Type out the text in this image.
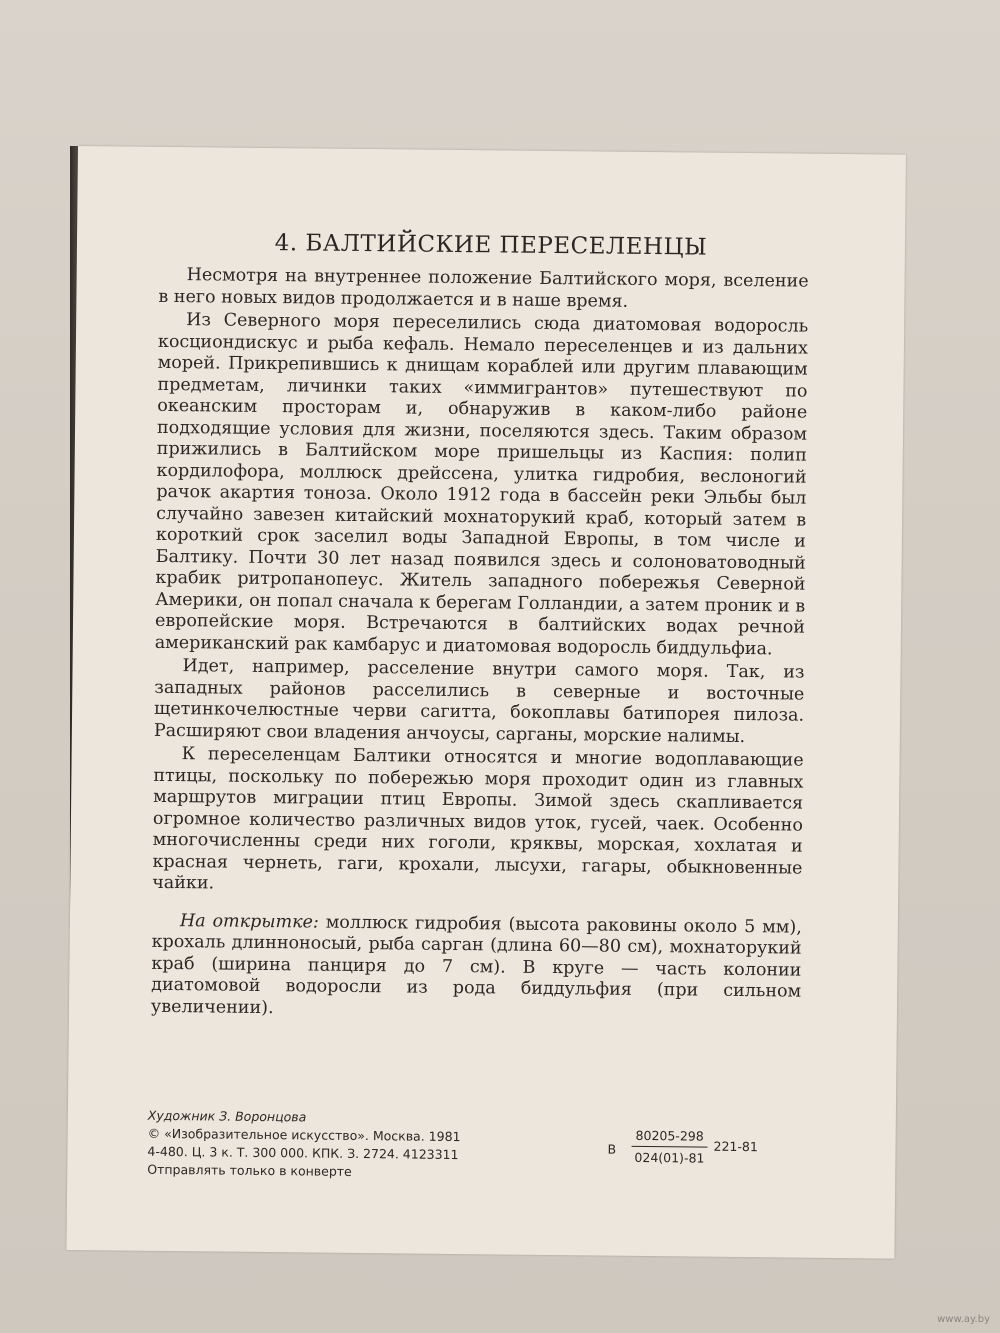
4. БАЛТИЙСКИЕ ПЕРЕСЕЛЕНЦЫ

Несмотря на внутреннее положение Балтийского моря, вселение в него новых видов продолжается и в наше время.

Из Северного моря переселились сюда диатомовая водоросль косциондискус и рыба кефаль. Немало переселенцев и из дальних морей. Прикрепившись к днищам кораблей или другим плавающим предметам, личинки таких «иммигрантов» путешествуют по океанским просторам и, обнаружив в каком-либо районе подходящие условия для жизни, поселяются здесь. Таким образом прижились в Балтийском море пришельцы из Каспия: полип кордилофора, моллюск дрейссена, улитка гидробия, веслоногий рачок акартия тоноза. Около 1912 года в бассейн реки Эльбы был случайно завезен китайский мохнаторукий краб, который затем в короткий срок заселил воды Западной Европы, в том числе и Балтику. Почти 30 лет назад появился здесь и солоноватоводный крабик ритропанопеус. Житель западного побережья Северной Америки, он попал сначала к берегам Голландии, а затем проник и в европейские моря. Встречаются в балтийских водах речной американский рак камбарус и диатомовая водоросль биддульфиа.

Идет, например, расселение внутри самого моря. Так, из западных районов расселились в северные и восточные щетинкочелюстные черви сагитта, бокоплавы батипорея пилоза. Расширяют свои владения анчоусы, сарганы, морские налимы.

К переселенцам Балтики относятся и многие водоплавающие птицы, поскольку по побережью моря проходит один из главных маршрутов миграции птиц Европы. Зимой здесь скапливается огромное количество различных видов уток, гусей, чаек. Особенно многочисленны среди них гоголи, кряквы, морская, хохлатая и красная чернеть, гаги, крохали, лысухи, гагары, обыкновенные чайки.

На открытке: моллюск гидробия (высота раковины около 5 мм), крохаль длинноносый, рыба сарган (длина 60—80 см), мохнаторукий краб (ширина панциря до 7 см). В круге — часть колонии диатомовой водоросли из рода биддульфия (при сильном увеличении).

Художник З. Воронцова
© «Изобразительное искусство». Москва. 1981
4-480. Ц. 3 к. Т. 300 000. КПК. З. 2724. 4123311
Отправлять только в конверте
В
80205-298
024(01)-81
221-81
www.ay.by
